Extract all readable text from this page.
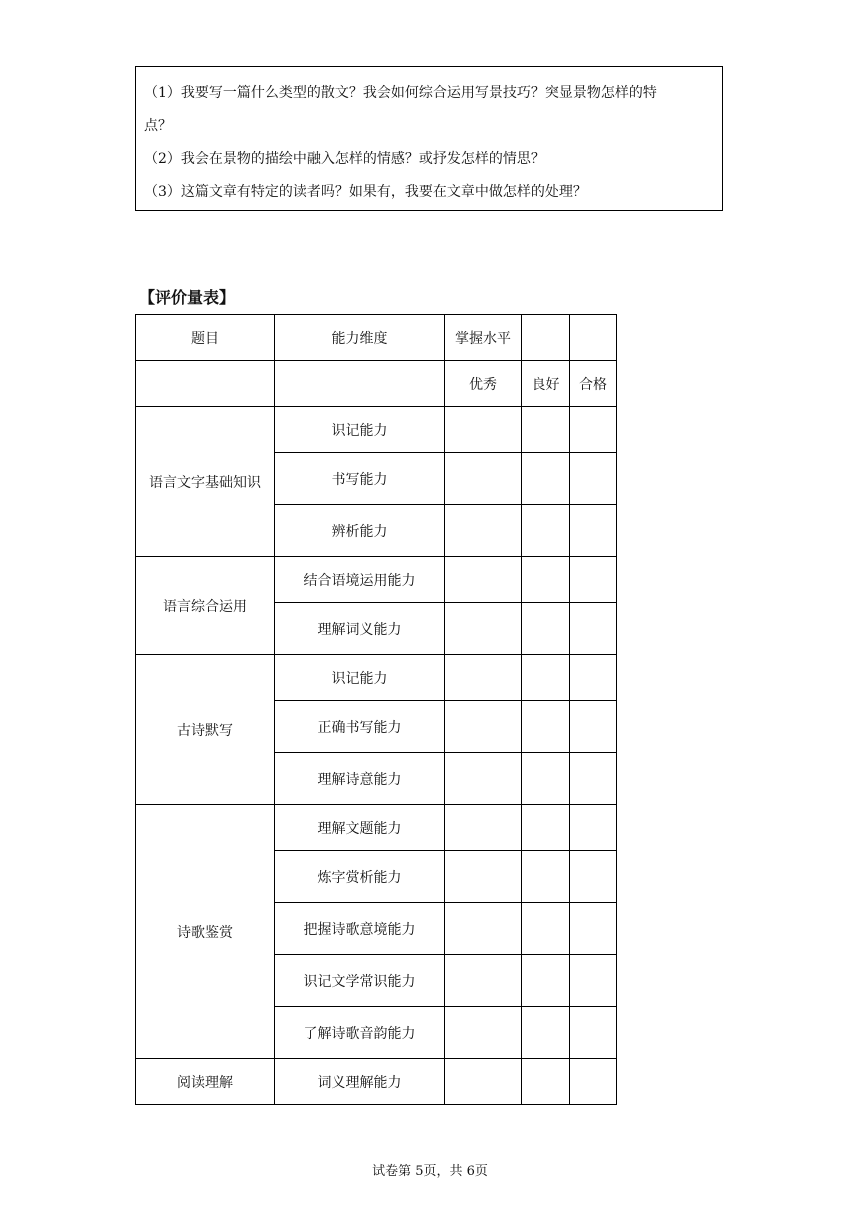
（1）我要写一篇什么类型的散文？我会如何综合运用写景技巧？突显景物怎样的特
点？
（2）我会在景物的描绘中融入怎样的情感？或抒发怎样的情思？
（3）这篇文章有特定的读者吗？如果有，我要在文章中做怎样的处理？
【评价量表】
题目	能力维度	掌握水平		
		优秀	良好	合格
语言文字基础知识	识记能力			
	书写能力			
	辨析能力			
语言综合运用	结合语境运用能力			
	理解词义能力			
古诗默写	识记能力			
	正确书写能力			
	理解诗意能力			
诗歌鉴赏	理解文题能力			
	炼字赏析能力			
	把握诗歌意境能力			
	识记文学常识能力			
	了解诗歌音韵能力			
阅读理解	词义理解能力			
试卷第 5页，共 6页
